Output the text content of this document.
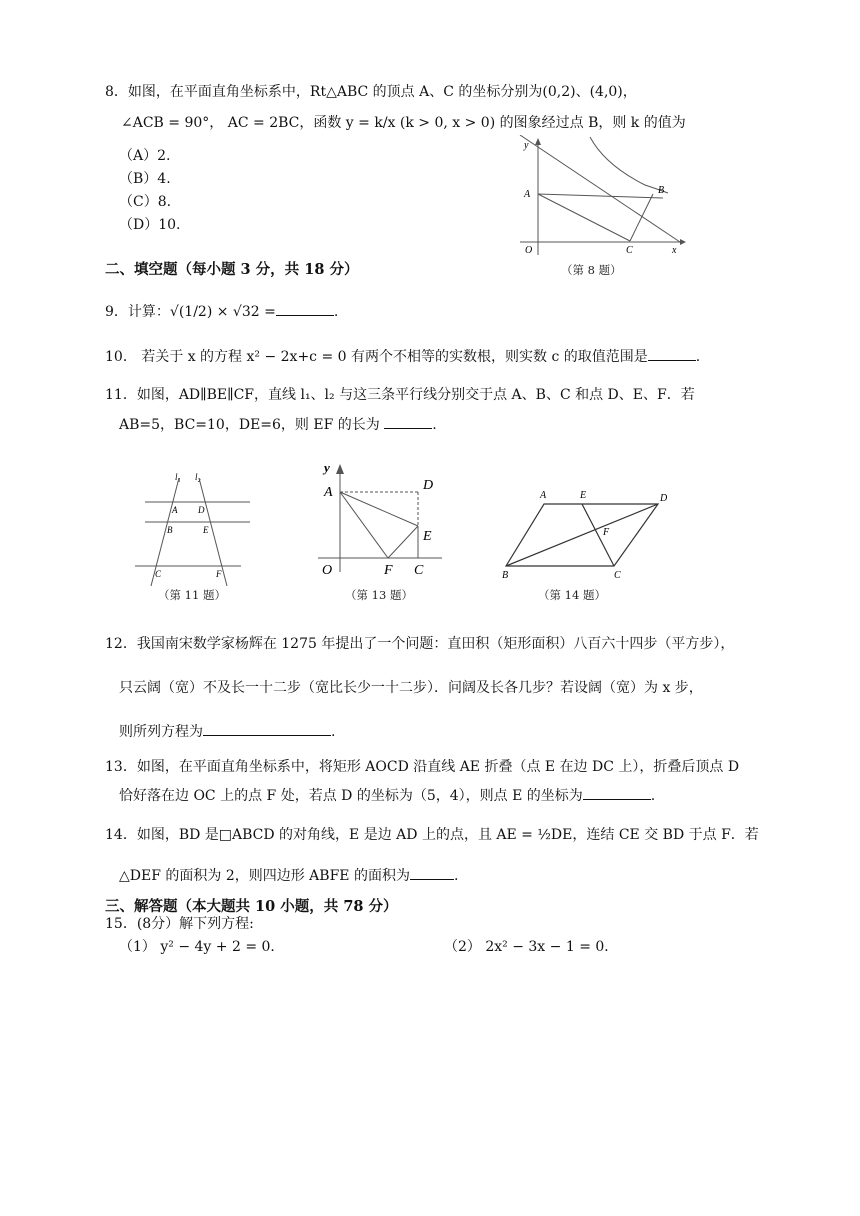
8．如图，在平面直角坐标系中，Rt△ABC 的顶点 A、C 的坐标分别为(0,2)、(4,0)，
∠ACB = 90°， AC = 2BC，函数 y = k/x (k > 0, x > 0) 的图象经过点 B，则 k 的值为
（A）2.
（B）4.
（C）8.
（D）10.
y
A	B
C
O	x
（第 8 题）
二、填空题（每小题 3 分，共 18 分）
9．计算：√(1/2) × √32 =	.
10． 若关于 x 的方程 x² − 2x+c = 0 有两个不相等的实数根，则实数 c 的取值范围是	.
11．如图，AD∥BE∥CF，直线 l₁、l₂ 与这三条平行线分别交于点 A、B、C 和点 D、E、F．若
AB=5，BC=10，DE=6，则 EF 的长为	.
l₁ l₂
A D
B	E
C	F
（第 11 题）
y
A	D
E
O	F C
（第 13 题）
A	E	D
F
B	C
（第 14 题）
12．我国南宋数学家杨辉在 1275 年提出了一个问题：直田积（矩形面积）八百六十四步（平方步），
只云阔（宽）不及长一十二步（宽比长少一十二步）．问阔及长各几步？若设阔（宽）为 x 步，
则所列方程为	.
13．如图，在平面直角坐标系中，将矩形 AOCD 沿直线 AE 折叠（点 E 在边 DC 上），折叠后顶点 D
恰好落在边 OC 上的点 F 处，若点 D 的坐标为（5，4），则点 E 的坐标为	.
14．如图，BD 是□ABCD 的对角线，E 是边 AD 上的点，且 AE = ½DE，连结 CE 交 BD 于点 F．若
△DEF 的面积为 2，则四边形 ABFE 的面积为	.
三、解答题（本大题共 10 小题，共 78 分）
15．(8分）解下列方程:
（1） y² − 4y + 2 = 0．	（2） 2x² − 3x − 1 = 0．
